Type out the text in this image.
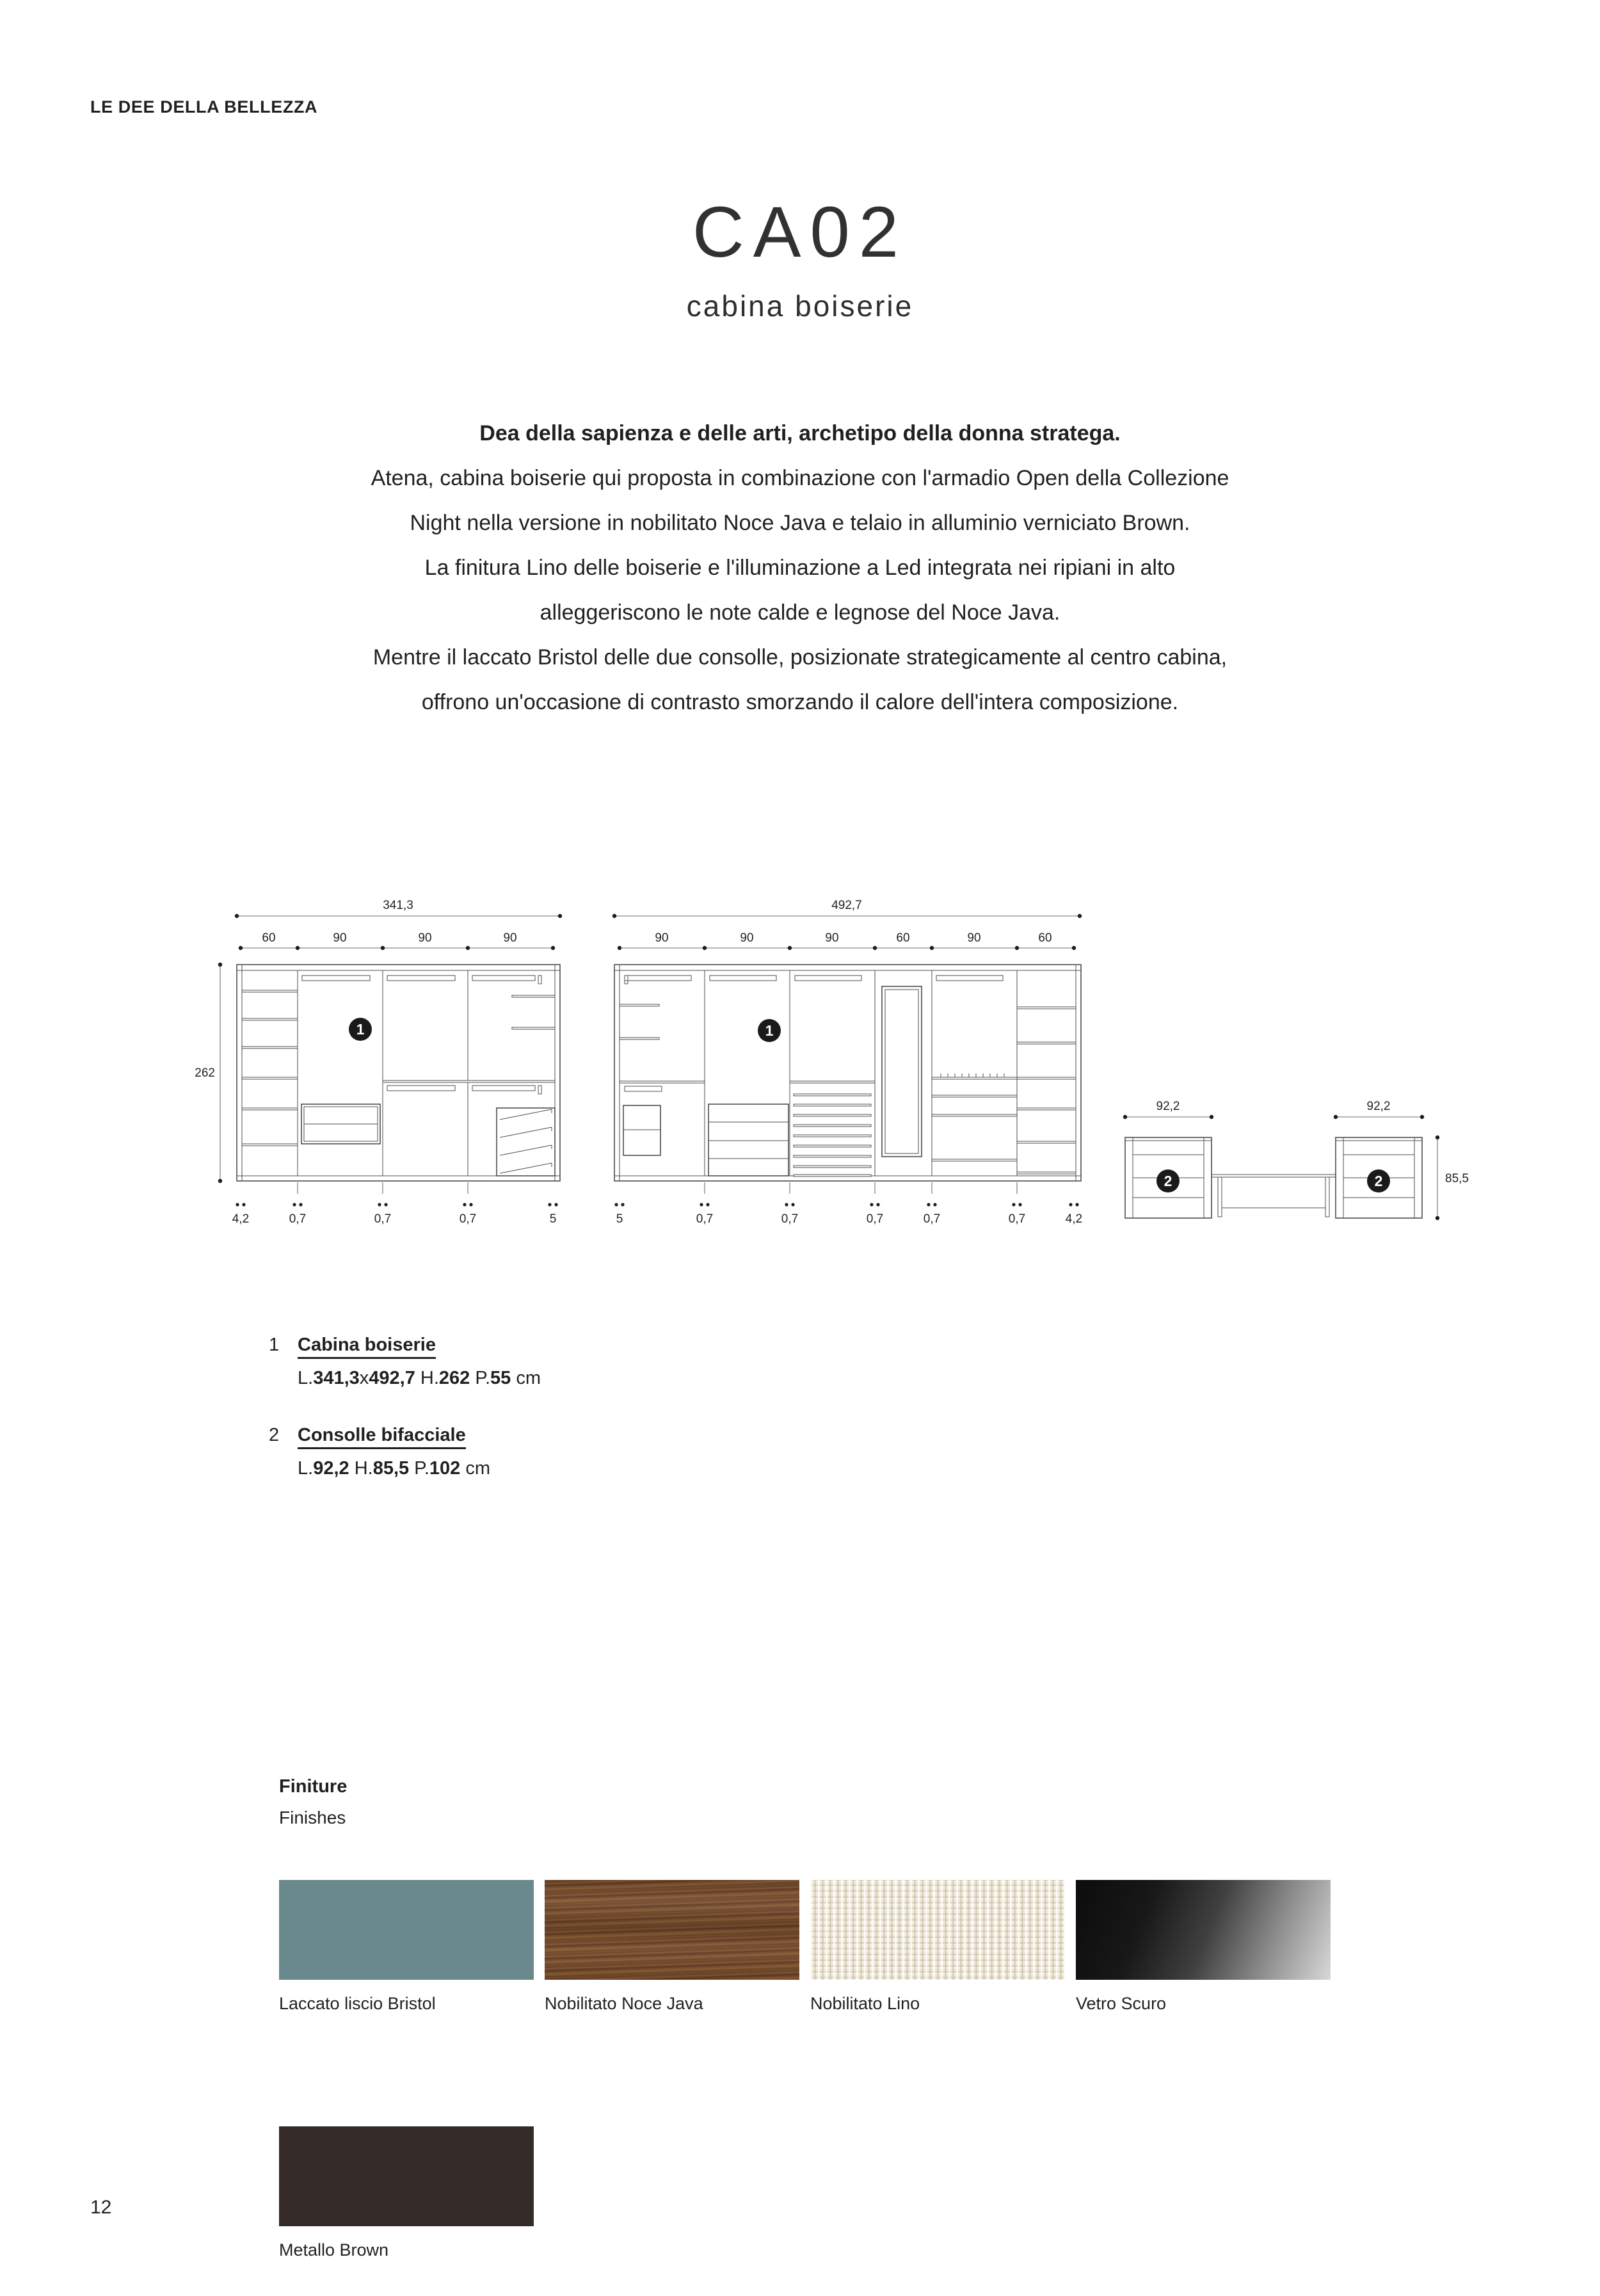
LE DEE DELLA BELLEZZA
CA02
cabina boiserie
Dea della sapienza e delle arti, archetipo della donna stratega.
Atena, cabina boiserie qui proposta in combinazione con l'armadio Open della Collezione
Night nella versione in nobilitato Noce Java e telaio in alluminio verniciato Brown.
La finitura Lino delle boiserie e l'illuminazione a Led integrata nei ripiani in alto
alleggeriscono le note calde e legnose del Noce Java.
Mentre il laccato Bristol delle due consolle, posizionate strategicamente al centro cabina,
offrono un'occasione di contrasto smorzando il calore dell'intera composizione.
341,3
60	90	90	90
262
1
4,2	0,7	0,7	0,7	5
492,7
90	90	90	60	90	60
1
5	0,7	0,7	0,7	0,7	0,7	4,2
92,2	92,2
85,5
2	2
1 Cabina boiserie
L.341,3x492,7 H.262 P.55 cm
2 Consolle bifacciale
L.92,2 H.85,5 P.102 cm
Finiture
Finishes
Laccato liscio Bristol	Nobilitato Noce Java	Nobilitato Lino	Vetro Scuro
Metallo Brown
12
